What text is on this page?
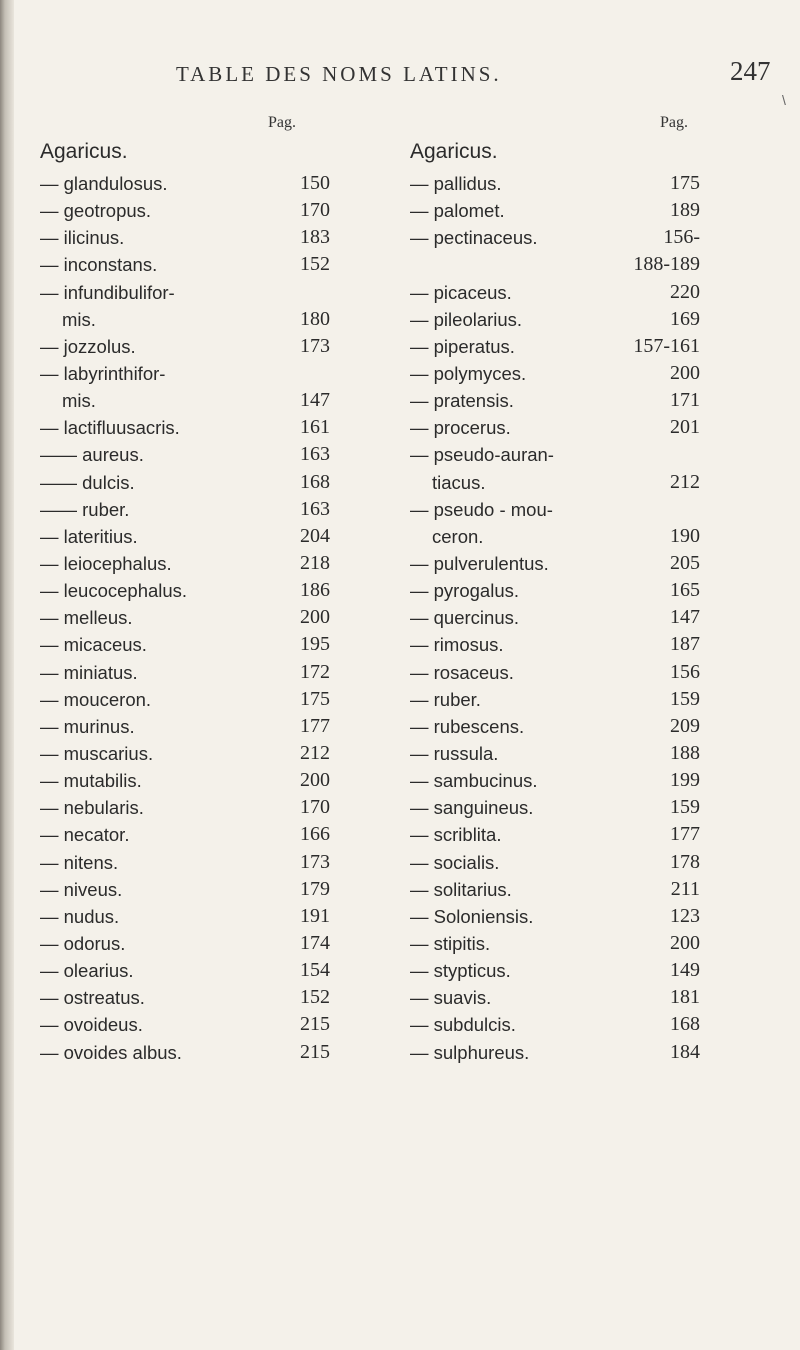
TABLE DES NOMS LATINS.	247
\
Pag.
Agaricus.
— glandulosus.	150
— geotropus.	170
— ilicinus.	183
— inconstans.	152
— infundibulifor-
mis.	180
— jozzolus.	173
— labyrinthifor-
mis.	147
— lactifluusacris.	161
—— aureus.	163
—— dulcis.	168
—— ruber.	163
— lateritius.	204
— leiocephalus.	218
— leucocephalus.	186
— melleus.	200
— micaceus.	195
— miniatus.	172
— mouceron.	175
— murinus.	177
— muscarius.	212
— mutabilis.	200
— nebularis.	170
— necator.	166
— nitens.	173
— niveus.	179
— nudus.	191
— odorus.	174
— olearius.	154
— ostreatus.	152
— ovoideus.	215
— ovoides albus.	215
Pag.
Agaricus.
— pallidus.	175
— palomet.	189
— pectinaceus.	156-
188-189
— picaceus.	220
— pileolarius.	169
— piperatus.	157-161
— polymyces.	200
— pratensis.	171
— procerus.	201
— pseudo-auran-
tiacus.	212
— pseudo - mou-
ceron.	190
— pulverulentus.	205
— pyrogalus.	165
— quercinus.	147
— rimosus.	187
— rosaceus.	156
— ruber.	159
— rubescens.	209
— russula.	188
— sambucinus.	199
— sanguineus.	159
— scriblita.	177
— socialis.	178
— solitarius.	211
— Soloniensis.	123
— stipitis.	200
— stypticus.	149
— suavis.	181
— subdulcis.	168
— sulphureus.	184
